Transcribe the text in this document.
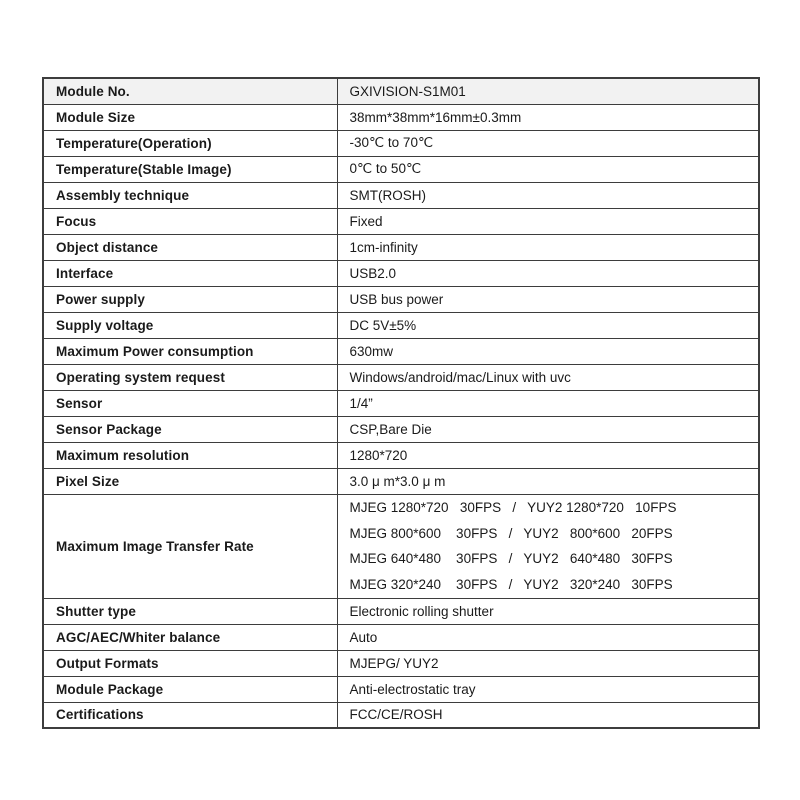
Module No.	GXIVISION-S1M01
Module Size	38mm*38mm*16mm±0.3mm
Temperature(Operation)	-30℃ to 70℃
Temperature(Stable Image)	0℃ to 50℃
Assembly technique	SMT(ROSH)
Focus	Fixed
Object distance	1cm-infinity
Interface	USB2.0
Power supply	USB bus power
Supply voltage	DC 5V±5%
Maximum Power consumption	630mw
Operating system request	Windows/android/mac/Linux with uvc
Sensor	1/4”
Sensor Package	CSP,Bare Die
Maximum resolution	1280*720
Pixel Size	3.0 μ m*3.0 μ m
Maximum Image Transfer Rate	MJEG 1280*720   30FPS   /   YUY2 1280*720   10FPS
MJEG 800*600    30FPS   /   YUY2   800*600   20FPS
MJEG 640*480    30FPS   /   YUY2   640*480   30FPS
MJEG 320*240    30FPS   /   YUY2   320*240   30FPS

Shutter type	Electronic rolling shutter
AGC/AEC/Whiter balance	Auto
Output Formats	MJEPG/ YUY2
Module Package	Anti-electrostatic tray
Certifications	FCC/CE/ROSH
